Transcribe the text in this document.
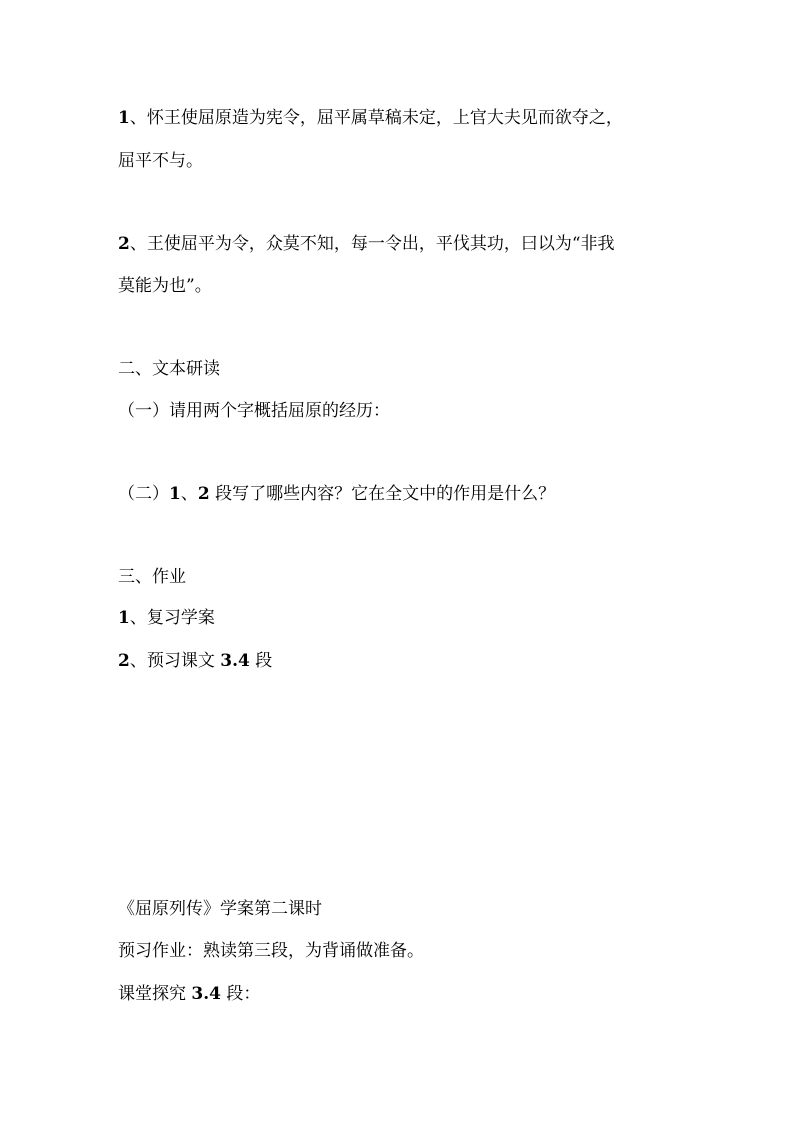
1、怀王使屈原造为宪令，屈平属草稿未定，上官大夫见而欲夺之，

屈平不与。

2、王使屈平为令，众莫不知，每一令出，平伐其功，曰以为“非我

莫能为也”。

二、文本研读

（一）请用两个字概括屈原的经历：

（二）1、2 段写了哪些内容？它在全文中的作用是什么？

三、作业

1、复习学案

2、预习课文 3.4 段

《屈原列传》学案第二课时

预习作业：熟读第三段，为背诵做准备。

课堂探究 3.4 段：
